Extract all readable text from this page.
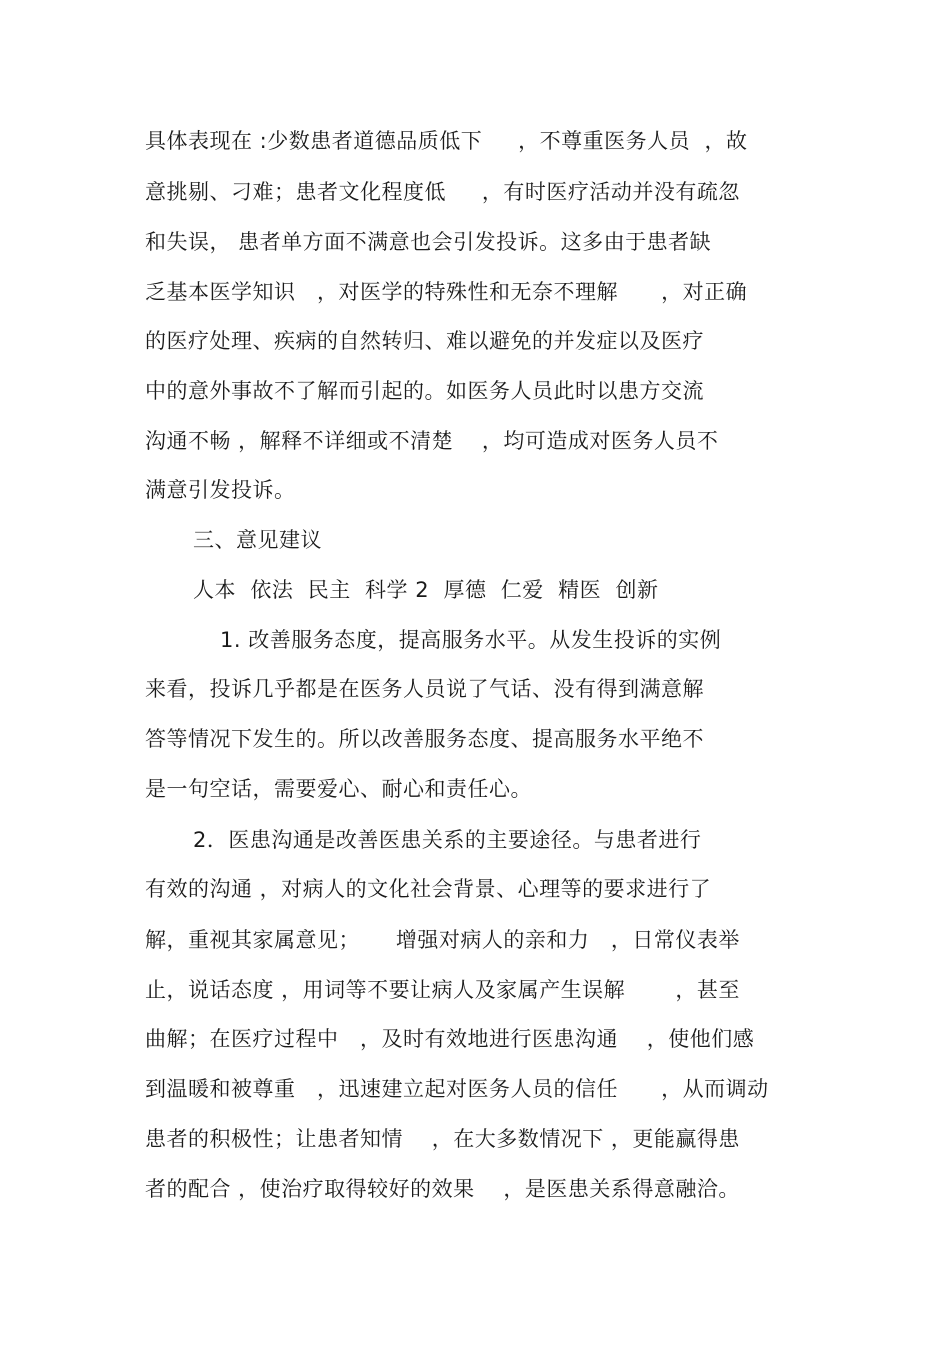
具体表现在 :少数患者道德品质低下     ，不尊重医务人员  ，故
意挑剔、刁难；患者文化程度低     ，有时医疗活动并没有疏忽
和失误， 患者单方面不满意也会引发投诉。这多由于患者缺
乏基本医学知识   ，对医学的特殊性和无奈不理解      ，对正确
的医疗处理、疾病的自然转归、难以避免的并发症以及医疗
中的意外事故不了解而引起的。如医务人员此时以患方交流
沟通不畅 ，解释不详细或不清楚    ，均可造成对医务人员不
满意引发投诉。
三、意见建议
人本  依法  民主  科学 2  厚德  仁爱  精医  创新
1. 改善服务态度，提高服务水平。从发生投诉的实例
来看，投诉几乎都是在医务人员说了气话、没有得到满意解
答等情况下发生的。所以改善服务态度、提高服务水平绝不
是一句空话，需要爱心、耐心和责任心。
2．医患沟通是改善医患关系的主要途径。与患者进行
有效的沟通 ，对病人的文化社会背景、心理等的要求进行了
解，重视其家属意见；     增强对病人的亲和力   ，日常仪表举
止，说话态度 ，用词等不要让病人及家属产生误解       ，甚至
曲解；在医疗过程中   ，及时有效地进行医患沟通    ，使他们感
到温暖和被尊重   ，迅速建立起对医务人员的信任      ，从而调动
患者的积极性；让患者知情    ，在大多数情况下 ，更能赢得患
者的配合 ，使治疗取得较好的效果    ，是医患关系得意融洽。
